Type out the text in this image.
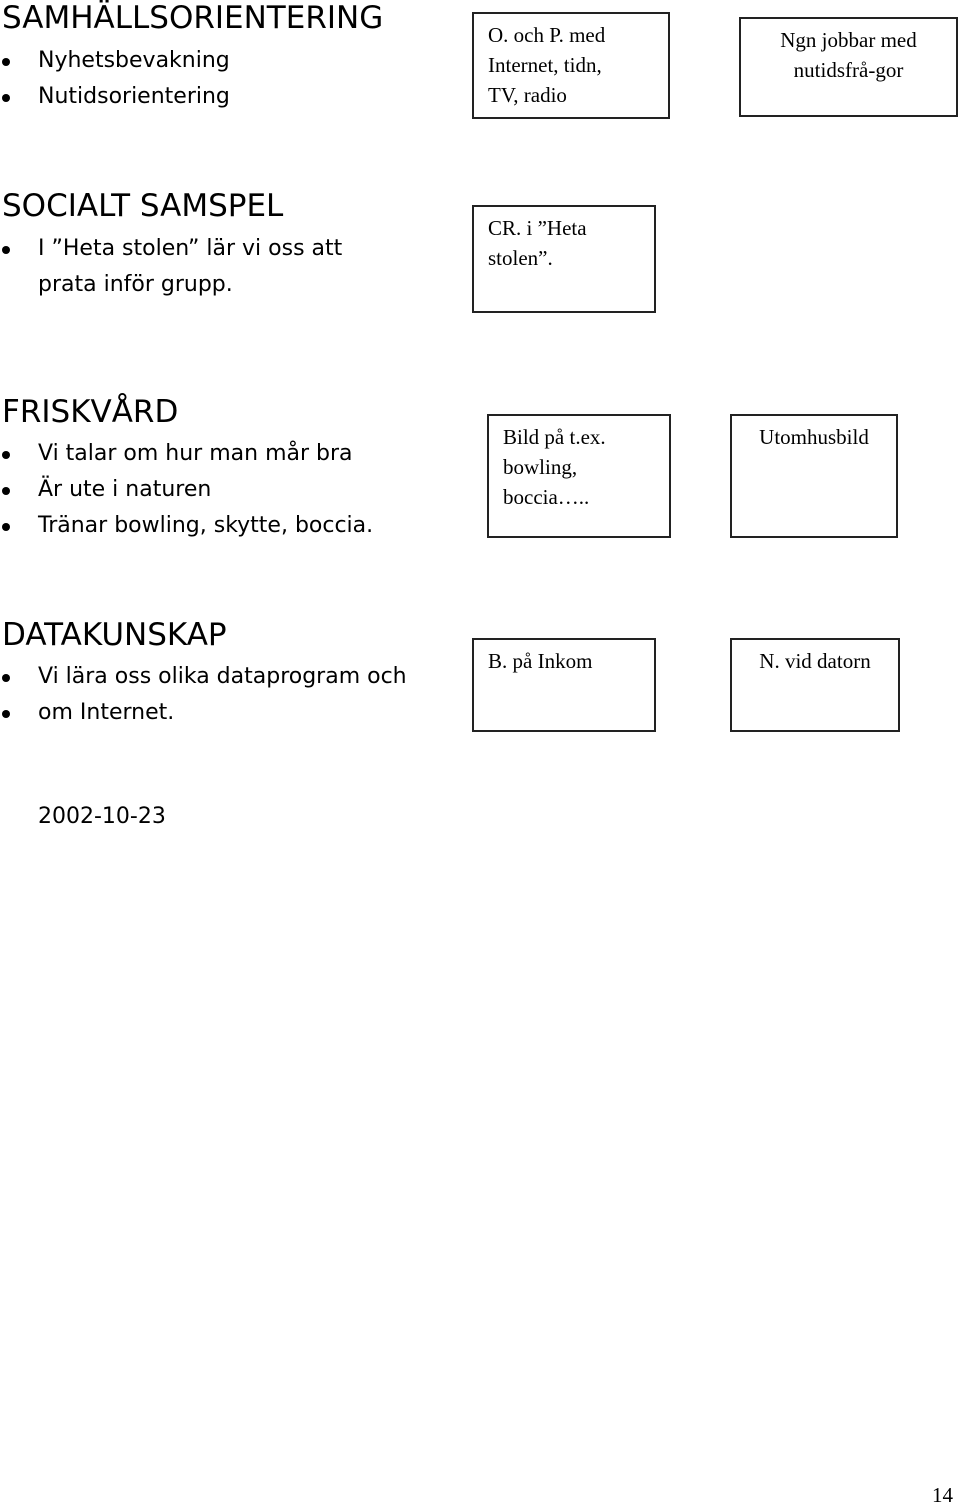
SAMHÄLLSORIENTERING
Nyhetsbevakning
Nutidsorientering
O. och P. med
Internet, tidn,
TV, radio
Ngn jobbar med
nutidsfrå-gor
SOCIALT SAMSPEL
I ”Heta stolen” lär vi oss att
prata inför grupp.
CR. i ”Heta
stolen”.
FRISKVÅRD
Vi talar om hur man mår bra
Är ute i naturen
Tränar bowling, skytte, boccia.
Bild på t.ex.
bowling,
boccia…..
Utomhusbild
DATAKUNSKAP
Vi lära oss olika dataprogram och
om Internet.
B. på Inkom	N. vid datorn
2002-10-23
14
